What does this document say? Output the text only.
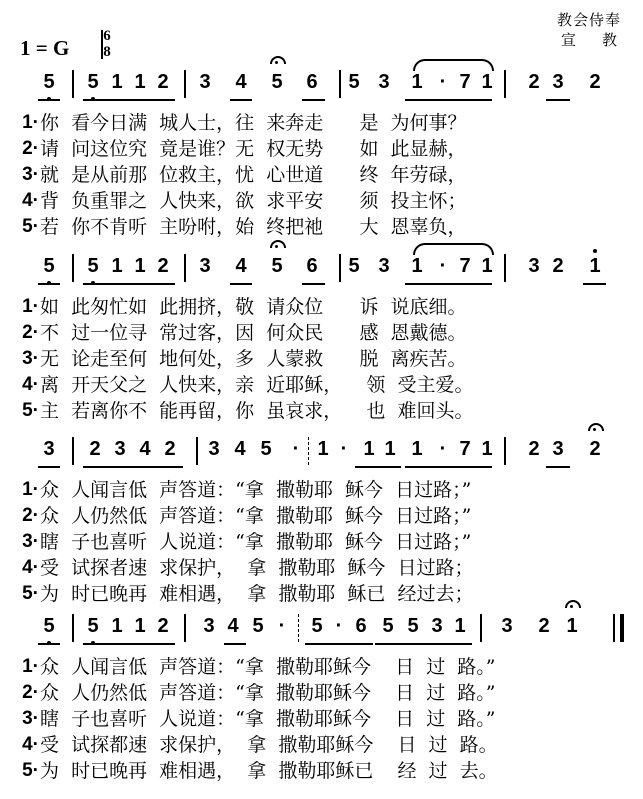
1 = G 6
8
教会侍奉
宣教
5 5 1 1 2 3 4 5 6 5 3 1 · 7 1 2 3 2
1· 你  看今日满  城人士，往  来奔走      是  为何事？
2· 请  问这位究  竟是谁？无  权无势      如  此显赫，
3· 就  是从前那  位救主，忧  心世道      终  年劳碌，
4· 背  负重罪之  人快来，欲  求平安      须  投主怀；
5· 若  你不肯听  主吩咐，始  终把祂      大  恩辜负，
5 5 1 1 2 3 4 5 6 5 3 1 · 7 1 3 2 1
1· 如  此匆忙如  此拥挤，敬  请众位      诉  说底细。
2· 不  过一位寻  常过客，因  何众民      感  恩戴德。
3· 无  论走至何  地何处，多  人蒙救      脱  离疾苦。
4· 离  开天父之  人快来，亲  近耶稣，    领  受主爱。
5· 主  若离你不  能再留，你  虽哀求，    也  难回头。
3 2 3 4 2 3 4 5	· 1 · 1 1 1 · 7 1 2 3 2
1· 众  人闻言低  声答道：“拿  撒勒耶  稣今  日过路；”
2· 众  人仍然低  声答道：“拿  撒勒耶  稣今  日过路；”
3· 瞎  子也喜听  人说道：“拿  撒勒耶  稣今  日过路；”
4· 受  试探者速  求保护，  拿  撒勒耶  稣今  日过路；
5· 为  时已晚再  难相遇，  拿  撒勒耶  稣已  经过去；
5 5 1 1 2 3 4 5 ·	5 · 6 5 5 3 1 3 2 1
1· 众  人闻言低  声答道：“拿  撒勒耶稣今    日  过  路。”
2· 众  人仍然低  声答道：“拿  撒勒耶稣今    日  过  路。”
3· 瞎  子也喜听  人说道：“拿  撒勒耶稣今    日  过  路。”
4· 受  试探都速  求保护，  拿  撒勒耶稣今    日  过  路。
5· 为  时已晚再  难相遇，  拿  撒勒耶稣已    经  过  去。
